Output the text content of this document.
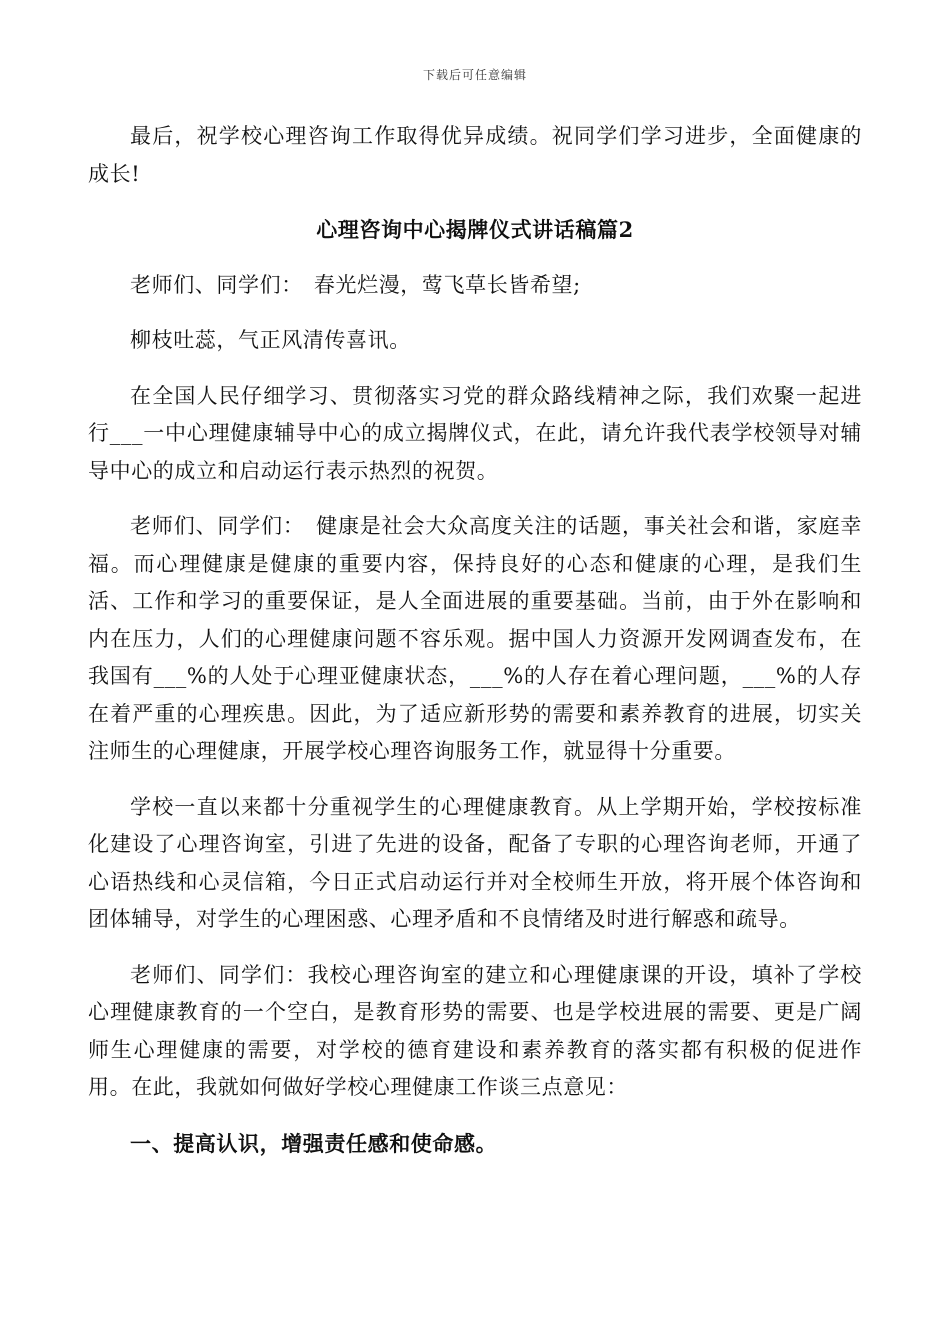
下载后可任意编辑

最后，祝学校心理咨询工作取得优异成绩。祝同学们学习进步，全面健康的成长!

心理咨询中心揭牌仪式讲话稿篇2

老师们、同学们：　春光烂漫，莺飞草长皆希望;

柳枝吐蕊，气正风清传喜讯。

在全国人民仔细学习、贯彻落实习党的群众路线精神之际，我们欢聚一起进行___一中心理健康辅导中心的成立揭牌仪式，在此，请允许我代表学校领导对辅导中心的成立和启动运行表示热烈的祝贺。

老师们、同学们：　健康是社会大众高度关注的话题，事关社会和谐，家庭幸福。而心理健康是健康的重要内容，保持良好的心态和健康的心理，是我们生活、工作和学习的重要保证，是人全面进展的重要基础。当前，由于外在影响和内在压力，人们的心理健康问题不容乐观。据中国人力资源开发网调查发布，在我国有___%的人处于心理亚健康状态，___%的人存在着心理问题，___%的人存在着严重的心理疾患。因此，为了适应新形势的需要和素养教育的进展，切实关注师生的心理健康，开展学校心理咨询服务工作，就显得十分重要。

学校一直以来都十分重视学生的心理健康教育。从上学期开始，学校按标准化建设了心理咨询室，引进了先进的设备，配备了专职的心理咨询老师，开通了心语热线和心灵信箱，今日正式启动运行并对全校师生开放，将开展个体咨询和团体辅导，对学生的心理困惑、心理矛盾和不良情绪及时进行解惑和疏导。

老师们、同学们：我校心理咨询室的建立和心理健康课的开设，填补了学校心理健康教育的一个空白，是教育形势的需要、也是学校进展的需要、更是广阔师生心理健康的需要，对学校的德育建设和素养教育的落实都有积极的促进作用。在此，我就如何做好学校心理健康工作谈三点意见：

一、提高认识，增强责任感和使命感。
